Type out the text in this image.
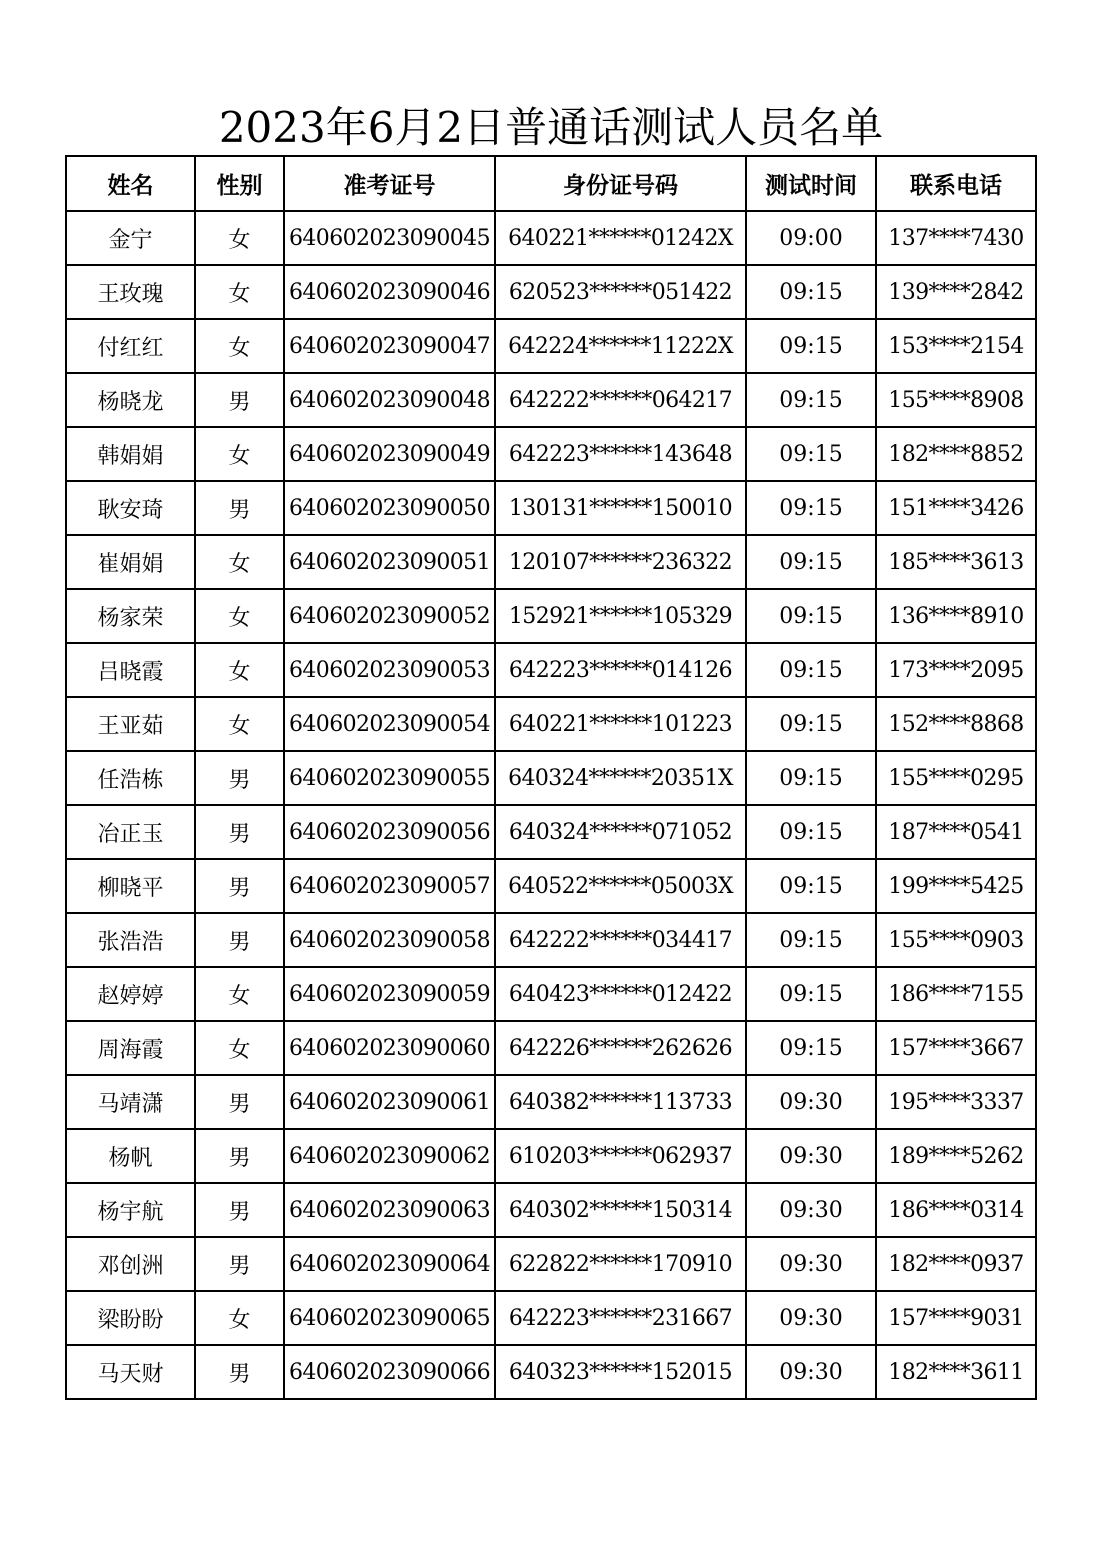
2023年6月2日普通话测试人员名单
姓名	性别	准考证号	身份证号码	测试时间	联系电话
金宁	女	640602023090045	640221******01242X	09:00	137****7430
王玫瑰	女	640602023090046	620523******051422	09:15	139****2842
付红红	女	640602023090047	642224******11222X	09:15	153****2154
杨晓龙	男	640602023090048	642222******064217	09:15	155****8908
韩娟娟	女	640602023090049	642223******143648	09:15	182****8852
耿安琦	男	640602023090050	130131******150010	09:15	151****3426
崔娟娟	女	640602023090051	120107******236322	09:15	185****3613
杨家荣	女	640602023090052	152921******105329	09:15	136****8910
吕晓霞	女	640602023090053	642223******014126	09:15	173****2095
王亚茹	女	640602023090054	640221******101223	09:15	152****8868
任浩栋	男	640602023090055	640324******20351X	09:15	155****0295
冶正玉	男	640602023090056	640324******071052	09:15	187****0541
柳晓平	男	640602023090057	640522******05003X	09:15	199****5425
张浩浩	男	640602023090058	642222******034417	09:15	155****0903
赵婷婷	女	640602023090059	640423******012422	09:15	186****7155
周海霞	女	640602023090060	642226******262626	09:15	157****3667
马靖潇	男	640602023090061	640382******113733	09:30	195****3337
杨帆	男	640602023090062	610203******062937	09:30	189****5262
杨宇航	男	640602023090063	640302******150314	09:30	186****0314
邓创洲	男	640602023090064	622822******170910	09:30	182****0937
梁盼盼	女	640602023090065	642223******231667	09:30	157****9031
马天财	男	640602023090066	640323******152015	09:30	182****3611
